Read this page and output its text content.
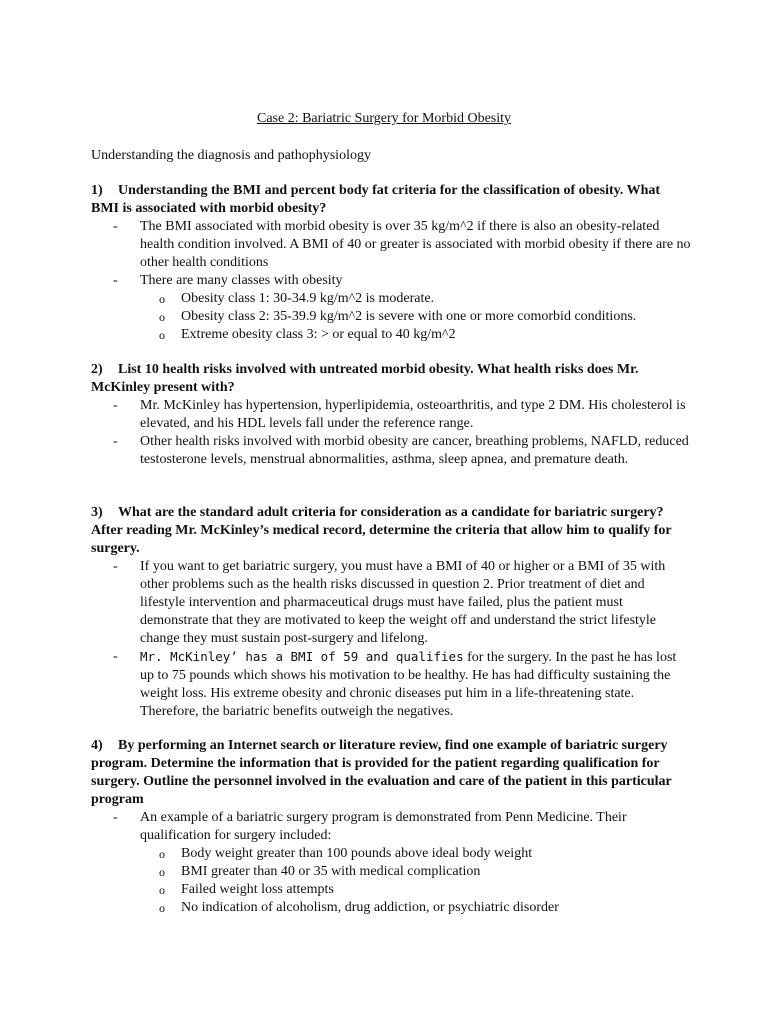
Case 2: Bariatric Surgery for Morbid Obesity
Understanding the diagnosis and pathophysiology

1) Understanding the BMI and percent body fat criteria for the classification of obesity. What BMI is associated with morbid obesity?

- The BMI associated with morbid obesity is over 35 kg/m^2 if there is also an obesity-related health condition involved. A BMI of 40 or greater is associated with morbid obesity if there are no other health conditions
- There are many classes with obesity
o Obesity class 1: 30-34.9 kg/m^2 is moderate.
o Obesity class 2: 35-39.9 kg/m^2 is severe with one or more comorbid conditions.
o Extreme obesity class 3: > or equal to 40 kg/m^2

2) List 10 health risks involved with untreated morbid obesity. What health risks does Mr. McKinley present with?

- Mr. McKinley has hypertension, hyperlipidemia, osteoarthritis, and type 2 DM. His cholesterol is elevated, and his HDL levels fall under the reference range.
- Other health risks involved with morbid obesity are cancer, breathing problems, NAFLD, reduced testosterone levels, menstrual abnormalities, asthma, sleep apnea, and premature death.

3) What are the standard adult criteria for consideration as a candidate for bariatric surgery? After reading Mr. McKinley’s medical record, determine the criteria that allow him to qualify for surgery.

- If you want to get bariatric surgery, you must have a BMI of 40 or higher or a BMI of 35 with other problems such as the health risks discussed in question 2. Prior treatment of diet and lifestyle intervention and pharmaceutical drugs must have failed, plus the patient must demonstrate that they are motivated to keep the weight off and understand the strict lifestyle change they must sustain post-surgery and lifelong.
- Mr. McKinley’ has a BMI of 59 and qualifies for the surgery. In the past he has lost up to 75 pounds which shows his motivation to be healthy. He has had difficulty sustaining the weight loss. His extreme obesity and chronic diseases put him in a life-threatening state. Therefore, the bariatric benefits outweigh the negatives.

4) By performing an Internet search or literature review, find one example of bariatric surgery program. Determine the information that is provided for the patient regarding qualification for surgery. Outline the personnel involved in the evaluation and care of the patient in this particular program

- An example of a bariatric surgery program is demonstrated from Penn Medicine. Their qualification for surgery included:
o Body weight greater than 100 pounds above ideal body weight
o BMI greater than 40 or 35 with medical complication
o Failed weight loss attempts
o No indication of alcoholism, drug addiction, or psychiatric disorder
